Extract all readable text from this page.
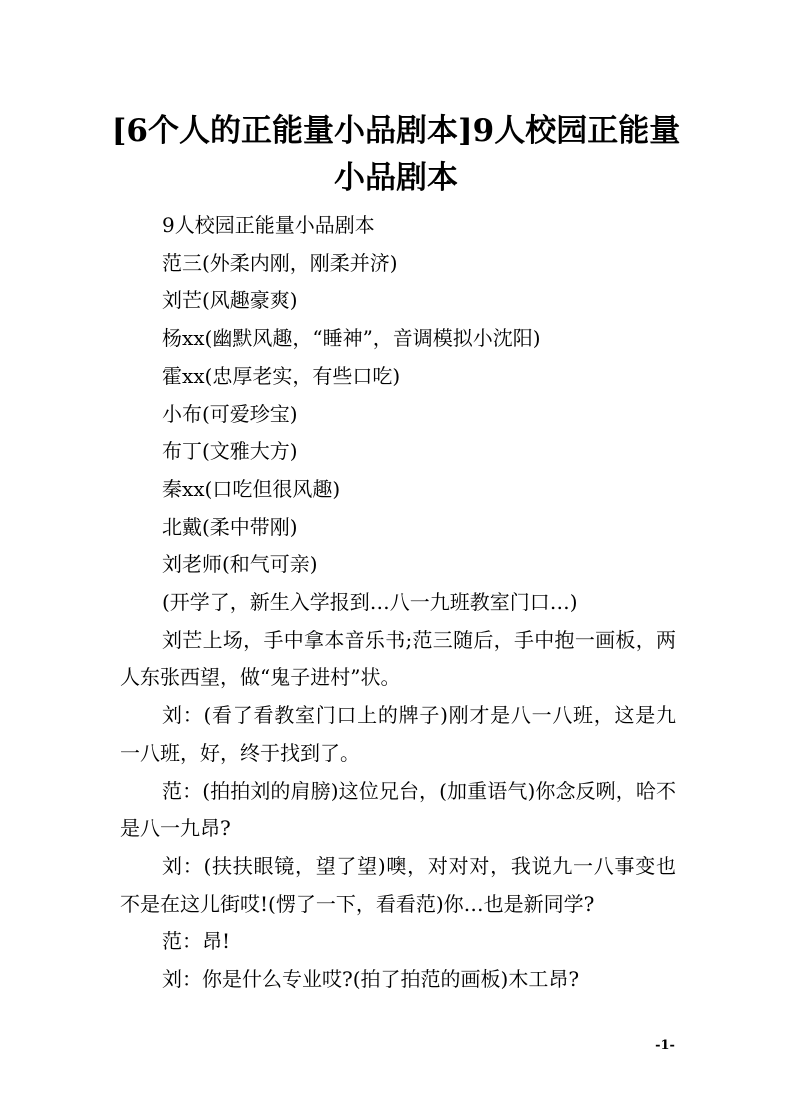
[6个人的正能量小品剧本]9人校园正能量
小品剧本

9人校园正能量小品剧本

范三(外柔内刚，刚柔并济)

刘芒(风趣豪爽)

杨xx(幽默风趣，“睡神”，音调模拟小沈阳)

霍xx(忠厚老实，有些口吃)

小布(可爱珍宝)

布丁(文雅大方)

秦xx(口吃但很风趣)

北戴(柔中带刚)

刘老师(和气可亲)

(开学了，新生入学报到…八一九班教室门口…)

刘芒上场，手中拿本音乐书;范三随后，手中抱一画板，两人东张西望，做“鬼子进村”状。

刘：(看了看教室门口上的牌子)刚才是八一八班，这是九一八班，好，终于找到了。

范：(拍拍刘的肩膀)这位兄台，(加重语气)你念反咧，哈不是八一九昂?

刘：(扶扶眼镜，望了望)噢，对对对，我说九一八事变也不是在这儿街哎!(愣了一下，看看范)你…也是新同学?

范：昂!

刘：你是什么专业哎?(拍了拍范的画板)木工昂?

-1-
